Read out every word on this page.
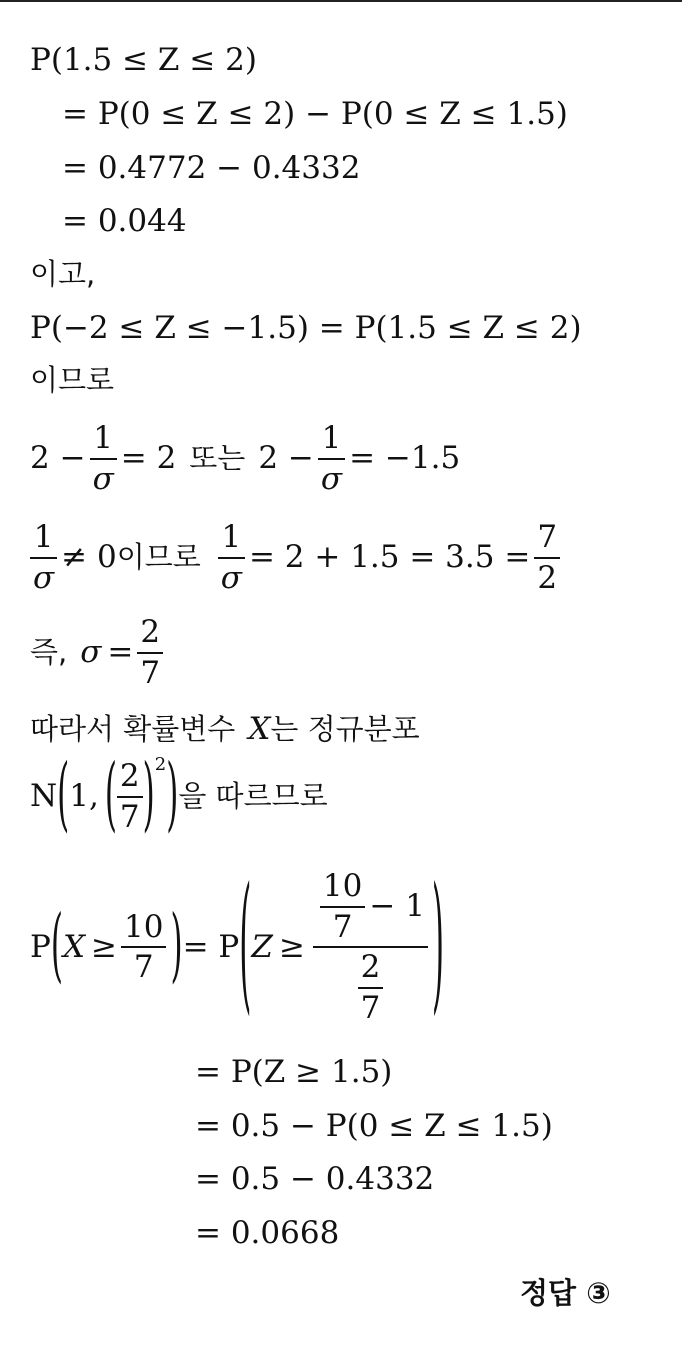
P(1.5 ≤ Z ≤ 2)
= P(0 ≤ Z ≤ 2) − P(0 ≤ Z ≤ 1.5)
= 0.4772 − 0.4332
= 0.044
이고,
P(−2 ≤ Z ≤ −1.5) = P(1.5 ≤ Z ≤ 2)
이므로
$2 - \frac{1}{\sigma} = 2$ 또는 $2 - \frac{1}{\sigma} = -1.5$
$\frac{1}{\sigma} \ne 0$ 이므로 $\frac{1}{\sigma} = 2 + 1.5 = 3.5 = \frac{7}{2}$
즉, $\sigma = \frac{2}{7}$
따라서 확률변수 X 는 정규분포
N ( 1, ( $\frac{2}{7}$ ) 2 ) 을 따르므로
P ( $X \ge \frac{10}{7}$ ) = P ( $Z \ge \frac{\frac{10}{7} - 1}{\frac{2}{7}}$ )
= P(Z ≥ 1.5)
= 0.5 − P(0 ≤ Z ≤ 1.5)
= 0.5 − 0.4332
= 0.0668
정답 ③
